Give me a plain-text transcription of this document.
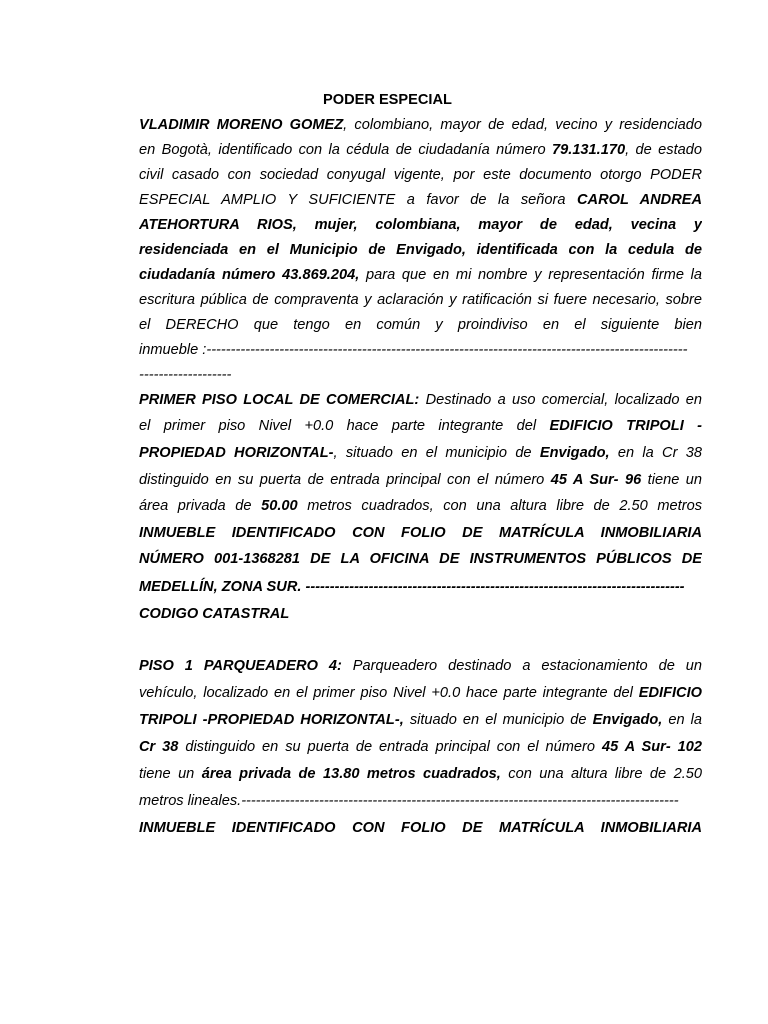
PODER ESPECIAL
VLADIMIR MORENO GOMEZ, colombiano, mayor de edad, vecino y residenciado
en Bogotà, identificado con la cédula de ciudadanía número 79.131.170, de estado
civil casado con sociedad conyugal vigente, por este documento otorgo PODER
ESPECIAL AMPLIO Y SUFICIENTE a favor de la señora CAROL ANDREA
ATEHORTURA RIOS, mujer, colombiana, mayor de edad, vecina y
residenciada en el Municipio de Envigado, identificada con la cedula de
ciudadanía número 43.869.204, para que en mi nombre y representación firme la
escritura pública de compraventa y aclaración y ratificación si fuere necesario, sobre
el DERECHO que tengo en común y proindiviso en el siguiente bien
inmueble :---------------------------------------------------------------------------------------------------
-------------------
PRIMER PISO LOCAL DE COMERCIAL: Destinado a uso comercial, localizado en
el primer piso Nivel +0.0 hace parte integrante del EDIFICIO TRIPOLI -
PROPIEDAD HORIZONTAL-, situado en el municipio de Envigado, en la Cr 38
distinguido en su puerta de entrada principal con el número 45 A Sur- 96 tiene un
área privada de 50.00 metros cuadrados, con una altura libre de 2.50 metros
INMUEBLE IDENTIFICADO CON FOLIO DE MATRÍCULA INMOBILIARIA
NÚMERO 001-1368281 DE LA OFICINA DE INSTRUMENTOS PÚBLICOS DE
MEDELLÍN, ZONA SUR. ------------------------------------------------------------------------------
CODIGO CATASTRAL
PISO 1 PARQUEADERO 4: Parqueadero destinado a estacionamiento de un
vehículo, localizado en el primer piso Nivel +0.0 hace parte integrante del EDIFICIO
TRIPOLI -PROPIEDAD HORIZONTAL-, situado en el municipio de Envigado, en la
Cr 38 distinguido en su puerta de entrada principal con el número 45 A Sur- 102
tiene un área privada de 13.80 metros cuadrados, con una altura libre de 2.50
metros lineales.------------------------------------------------------------------------------------------
INMUEBLE IDENTIFICADO CON FOLIO DE MATRÍCULA INMOBILIARIA
